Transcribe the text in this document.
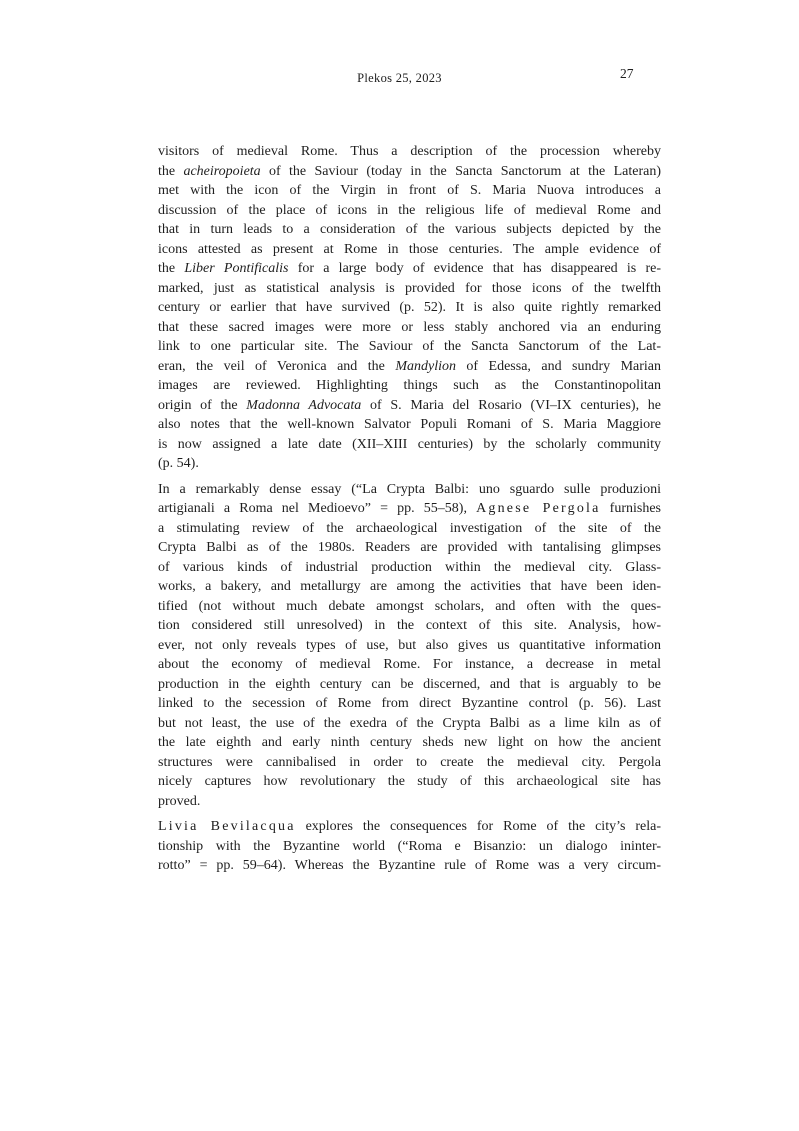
Plekos 25, 2023	27

visitors of medieval Rome. Thus a description of the procession whereby
the acheiropoieta of the Saviour (today in the Sancta Sanctorum at the Lateran)
met with the icon of the Virgin in front of S. Maria Nuova introduces a
discussion of the place of icons in the religious life of medieval Rome and
that in turn leads to a consideration of the various subjects depicted by the
icons attested as present at Rome in those centuries. The ample evidence of
the Liber Pontificalis for a large body of evidence that has disappeared is re-
marked, just as statistical analysis is provided for those icons of the twelfth
century or earlier that have survived (p. 52). It is also quite rightly remarked
that these sacred images were more or less stably anchored via an enduring
link to one particular site. The Saviour of the Sancta Sanctorum of the Lat-
eran, the veil of Veronica and the Mandylion of Edessa, and sundry Marian
images are reviewed. Highlighting things such as the Constantinopolitan
origin of the Madonna Advocata of S. Maria del Rosario (VI–IX centuries), he
also notes that the well-known Salvator Populi Romani of S. Maria Maggiore
is now assigned a late date (XII–XIII centuries) by the scholarly community
(p. 54).

In a remarkably dense essay (“La Crypta Balbi: uno sguardo sulle produzioni
artigianali a Roma nel Medioevo” = pp. 55–58), Agnese Pergola furnishes
a stimulating review of the archaeological investigation of the site of the
Crypta Balbi as of the 1980s. Readers are provided with tantalising glimpses
of various kinds of industrial production within the medieval city. Glass-
works, a bakery, and metallurgy are among the activities that have been iden-
tified (not without much debate amongst scholars, and often with the ques-
tion considered still unresolved) in the context of this site. Analysis, how-
ever, not only reveals types of use, but also gives us quantitative information
about the economy of medieval Rome. For instance, a decrease in metal
production in the eighth century can be discerned, and that is arguably to be
linked to the secession of Rome from direct Byzantine control (p. 56). Last
but not least, the use of the exedra of the Crypta Balbi as a lime kiln as of
the late eighth and early ninth century sheds new light on how the ancient
structures were cannibalised in order to create the medieval city. Pergola
nicely captures how revolutionary the study of this archaeological site has
proved.

Livia Bevilacqua explores the consequences for Rome of the city’s rela-
tionship with the Byzantine world (“Roma e Bisanzio: un dialogo ininter-
rotto” = pp. 59–64). Whereas the Byzantine rule of Rome was a very circum-
